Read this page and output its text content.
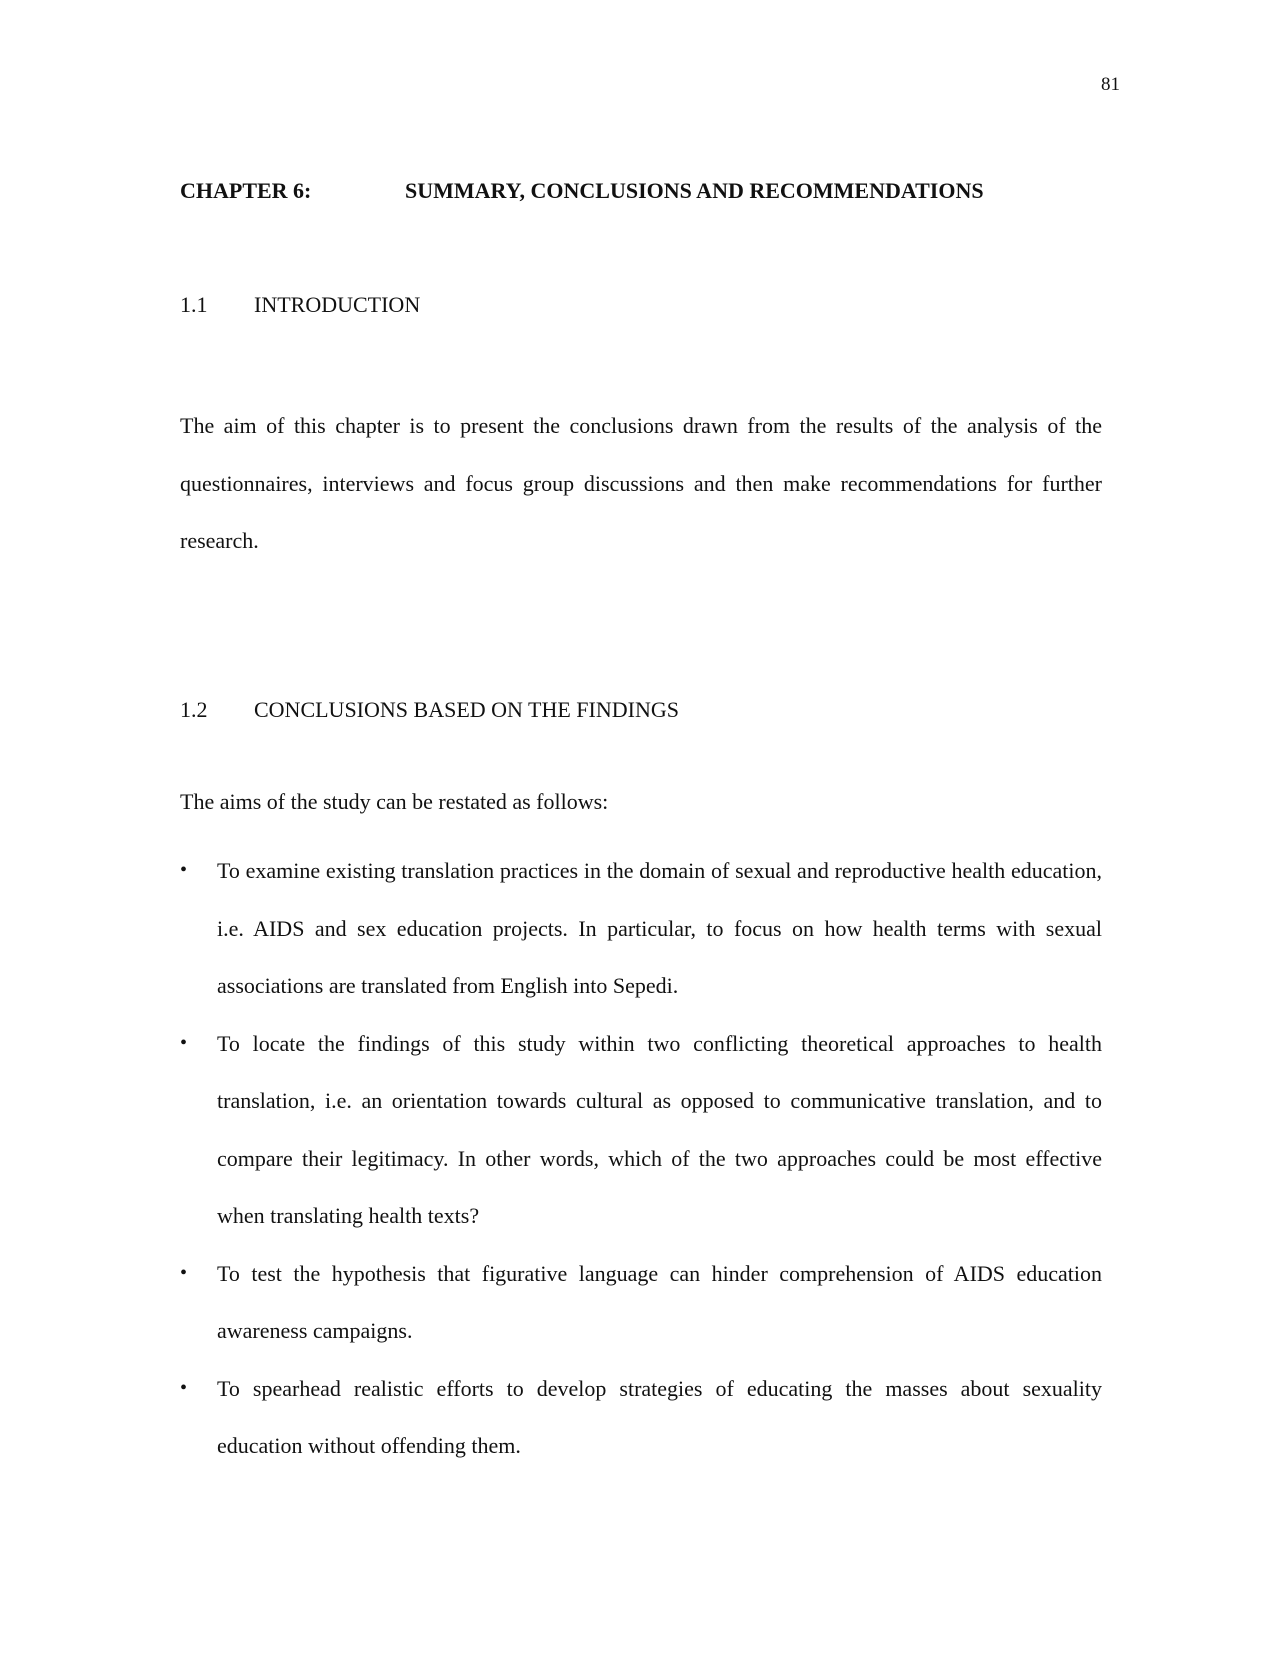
81
CHAPTER 6:	SUMMARY, CONCLUSIONS AND RECOMMENDATIONS
1.1 INTRODUCTION

The aim of this chapter is to present the conclusions drawn from the results of the analysis of the questionnaires, interviews and focus group discussions and then make recommendations for further research.

1.2 CONCLUSIONS BASED ON THE FINDINGS

The aims of the study can be restated as follows:

• To examine existing translation practices in the domain of sexual and reproductive health education, i.e. AIDS and sex education projects. In particular, to focus on how health terms with sexual associations are translated from English into Sepedi.
• To locate the findings of this study within two conflicting theoretical approaches to health translation, i.e. an orientation towards cultural as opposed to communicative translation, and to compare their legitimacy. In other words, which of the two approaches could be most effective when translating health texts?
• To test the hypothesis that figurative language can hinder comprehension of AIDS education awareness campaigns.
• To spearhead realistic efforts to develop strategies of educating the masses about sexuality education without offending them.
